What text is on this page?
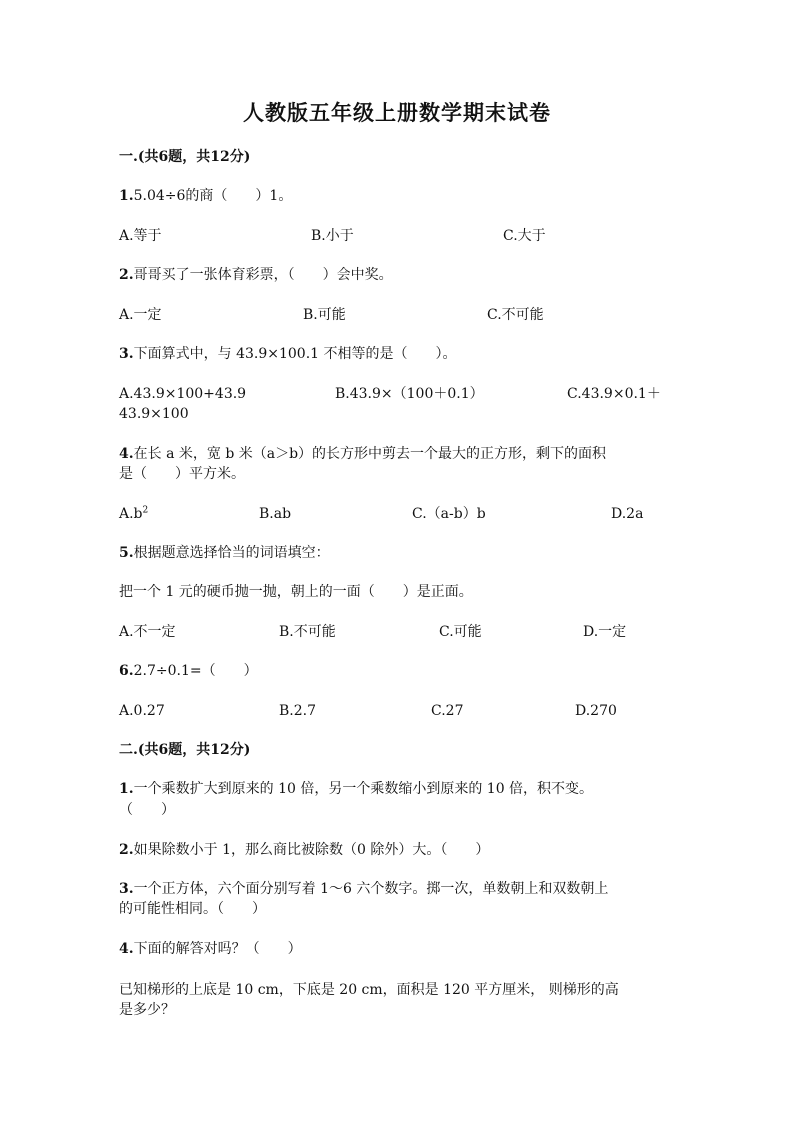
人教版五年级上册数学期末试卷
一.(共6题，共12分)
1.5.04÷6的商（　　）1。
A.等于	B.小于	C.大于
2.哥哥买了一张体育彩票，（　　）会中奖。
A.一定	B.可能	C.不可能
3.下面算式中，与 43.9×100.1 不相等的是（　　）。
A.43.9×100+43.9	B.43.9×（100＋0.1）	C.43.9×0.1＋
43.9×100
4.在长 a 米，宽 b 米（a＞b）的长方形中剪去一个最大的正方形，剩下的面积
是（　　）平方米。
$A.b^2$	B.ab	C.（a-b）b	D.2a
5.根据题意选择恰当的词语填空：
把一个 1 元的硬币抛一抛，朝上的一面（　　）是正面。
A.不一定	B.不可能	C.可能	D.一定
6.2.7÷0.1=（　　）
A.0.27	B.2.7	C.27	D.270
二.(共6题，共12分)
1.一个乘数扩大到原来的 10 倍，另一个乘数缩小到原来的 10 倍，积不变。
（　　）
2.如果除数小于 1，那么商比被除数（0 除外）大。（　　）
3.一个正方体，六个面分别写着 1～6 六个数字。掷一次，单数朝上和双数朝上
的可能性相同。（　　）
4.下面的解答对吗？（　　）
已知梯形的上底是 10 cm，下底是 20 cm，面积是 120 平方厘米， 则梯形的高
是多少？
